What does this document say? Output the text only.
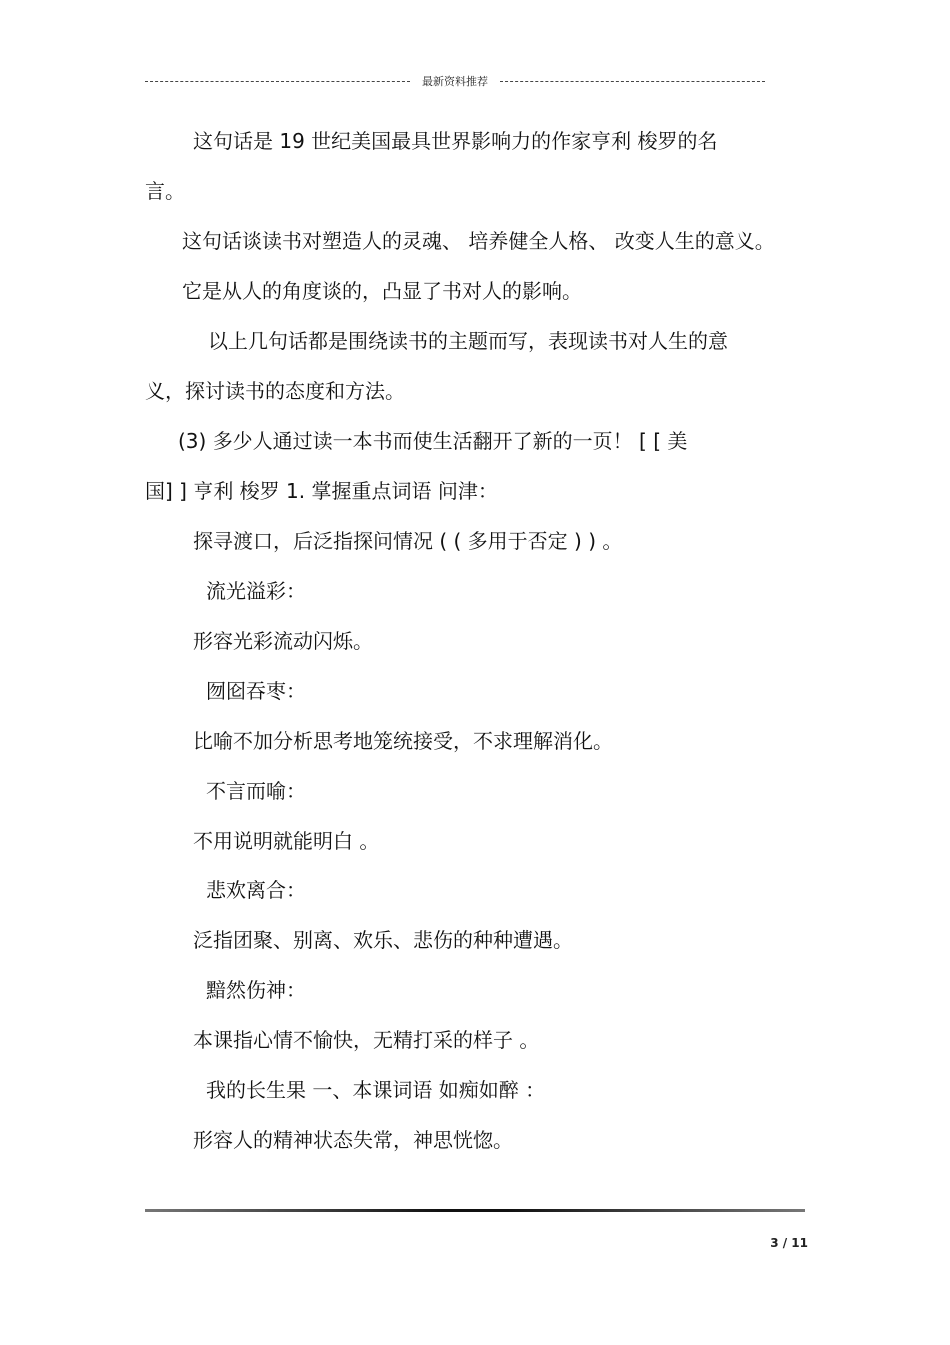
最新资料推荐
这句话是 19 世纪美国最具世界影响力的作家亨利 梭罗的名
言。
这句话谈读书对塑造人的灵魂、 培养健全人格、 改变人生的意义。
它是从人的角度谈的，凸显了书对人的影响。
以上几句话都是围绕读书的主题而写，表现读书对人生的意
义，探讨读书的态度和方法。
(3) 多少人通过读一本书而使生活翻开了新的一页！ [ [ 美
国] ] 亨利 梭罗 1. 掌握重点词语 问津：
探寻渡口，后泛指探问情况 ( ( 多用于否定 ) ) 。
流光溢彩：
形容光彩流动闪烁。
囫囵吞枣：
比喻不加分析思考地笼统接受，不求理解消化。
不言而喻：
不用说明就能明白 。
悲欢离合：
泛指团聚、别离、欢乐、悲伤的种种遭遇。
黯然伤神：
本课指心情不愉快，无精打采的样子 。
我的长生果 一、本课词语 如痴如醉 ：
形容人的精神状态失常，神思恍惚。
3 / 11
